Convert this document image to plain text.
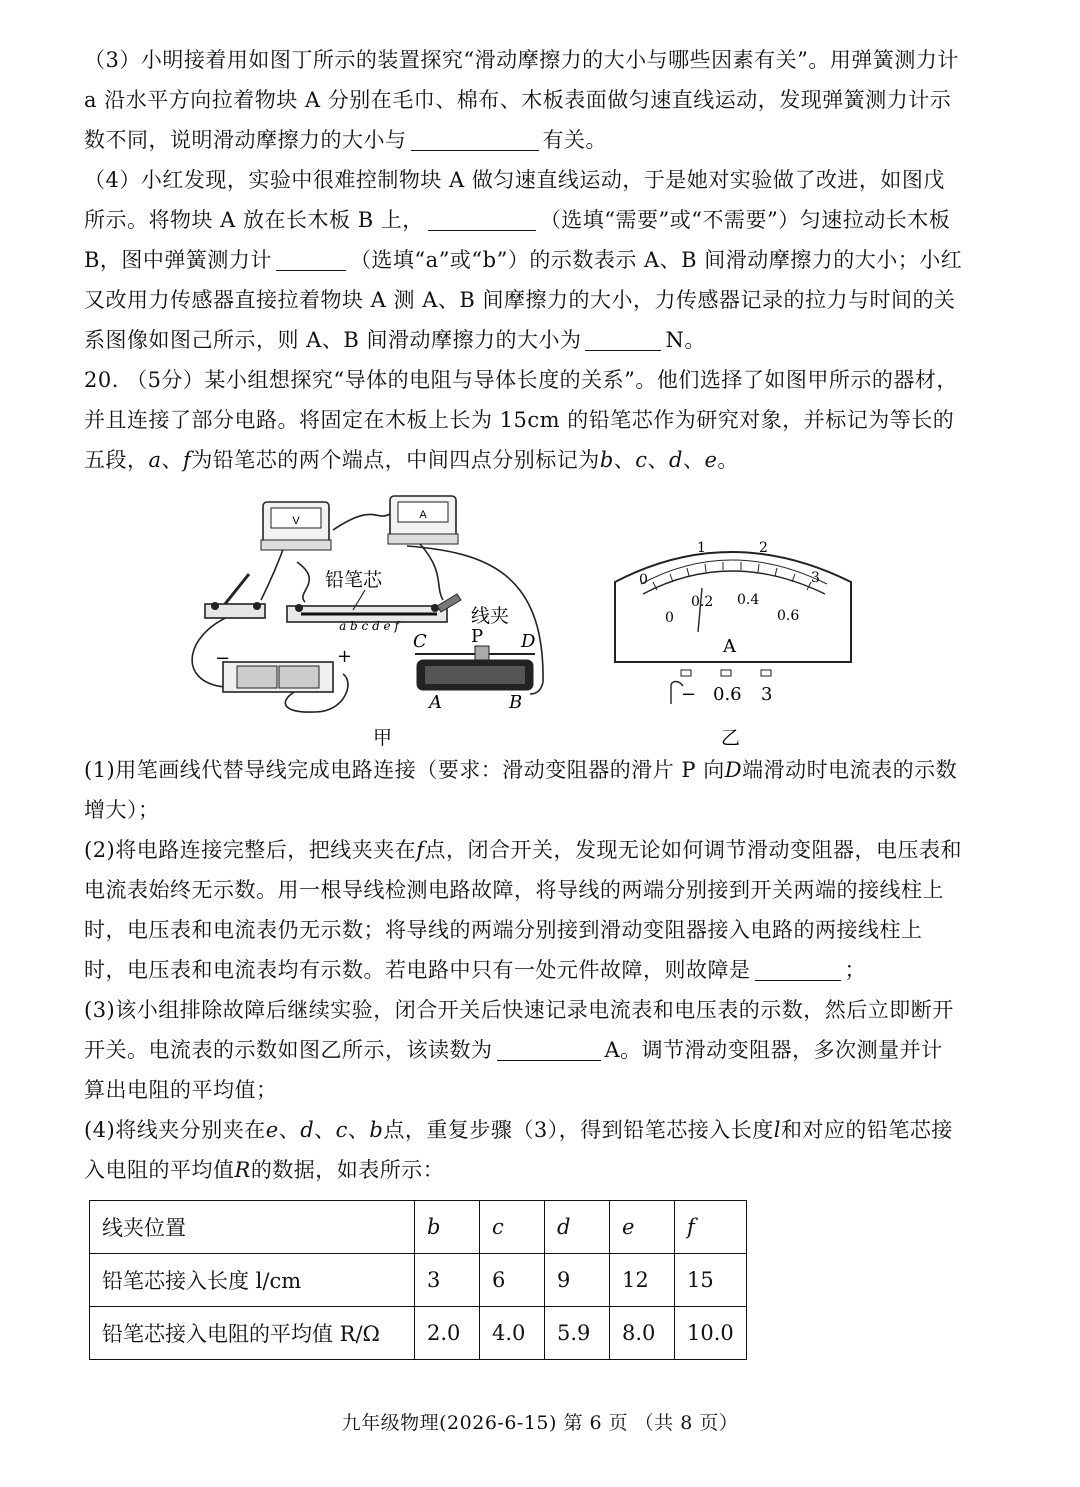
（3）小明接着用如图丁所示的装置探究“滑动摩擦力的大小与哪些因素有关”。用弹簧测力计 a 沿水平方向拉着物块 A 分别在毛巾、棉布、木板表面做匀速直线运动，发现弹簧测力计示数不同，说明滑动摩擦力的大小与	有关。

（4）小红发现，实验中很难控制物块 A 做匀速直线运动，于是她对实验做了改进，如图戊所示。将物块 A 放在长木板 B 上，	（选填“需要”或“不需要”）匀速拉动长木板 B，图中弹簧测力计	（选填“a”或“b”）的示数表示 A、B 间滑动摩擦力的大小；小红又改用力传感器直接拉着物块 A 测 A、B 间摩擦力的大小，力传感器记录的拉力与时间的关系图像如图己所示，则 A、B 间滑动摩擦力的大小为	N。

20. （5分）某小组想探究“导体的电阻与导体长度的关系”。他们选择了如图甲所示的器材，并且连接了部分电路。将固定在木板上长为 15cm 的铅笔芯作为研究对象，并标记为等长的五段，a、f为铅笔芯的两个端点，中间四点分别标记为b、c、d、e。

V	A
a b c d e f
铅笔芯
线夹
−	+
C P D
A	B
甲
0
1	2
3
0
0.2 0.4
0.6
A
− 0.6 3
乙

(1)用笔画线代替导线完成电路连接（要求：滑动变阻器的滑片 P 向D端滑动时电流表的示数增大）；

(2)将电路连接完整后，把线夹夹在f点，闭合开关，发现无论如何调节滑动变阻器，电压表和电流表始终无示数。用一根导线检测电路故障，将导线的两端分别接到开关两端的接线柱上时，电压表和电流表仍无示数；将导线的两端分别接到滑动变阻器接入电路的两接线柱上时，电压表和电流表均有示数。若电路中只有一处元件故障，则故障是	；

(3)该小组排除故障后继续实验，闭合开关后快速记录电流表和电压表的示数，然后立即断开开关。电流表的示数如图乙所示，该读数为	A。调节滑动变阻器，多次测量并计算出电阻的平均值；

(4)将线夹分别夹在e、d、c、b点，重复步骤（3），得到铅笔芯接入长度l和对应的铅笔芯接入电阻的平均值R的数据，如表所示：

线夹位置	b	c	d	e	f
铅笔芯接入长度 l/cm	3	6	9	12	15
铅笔芯接入电阻的平均值 R/Ω	2.0	4.0	5.9	8.0	10.0
九年级物理(2026-6-15) 第 6 页 （共 8 页）
